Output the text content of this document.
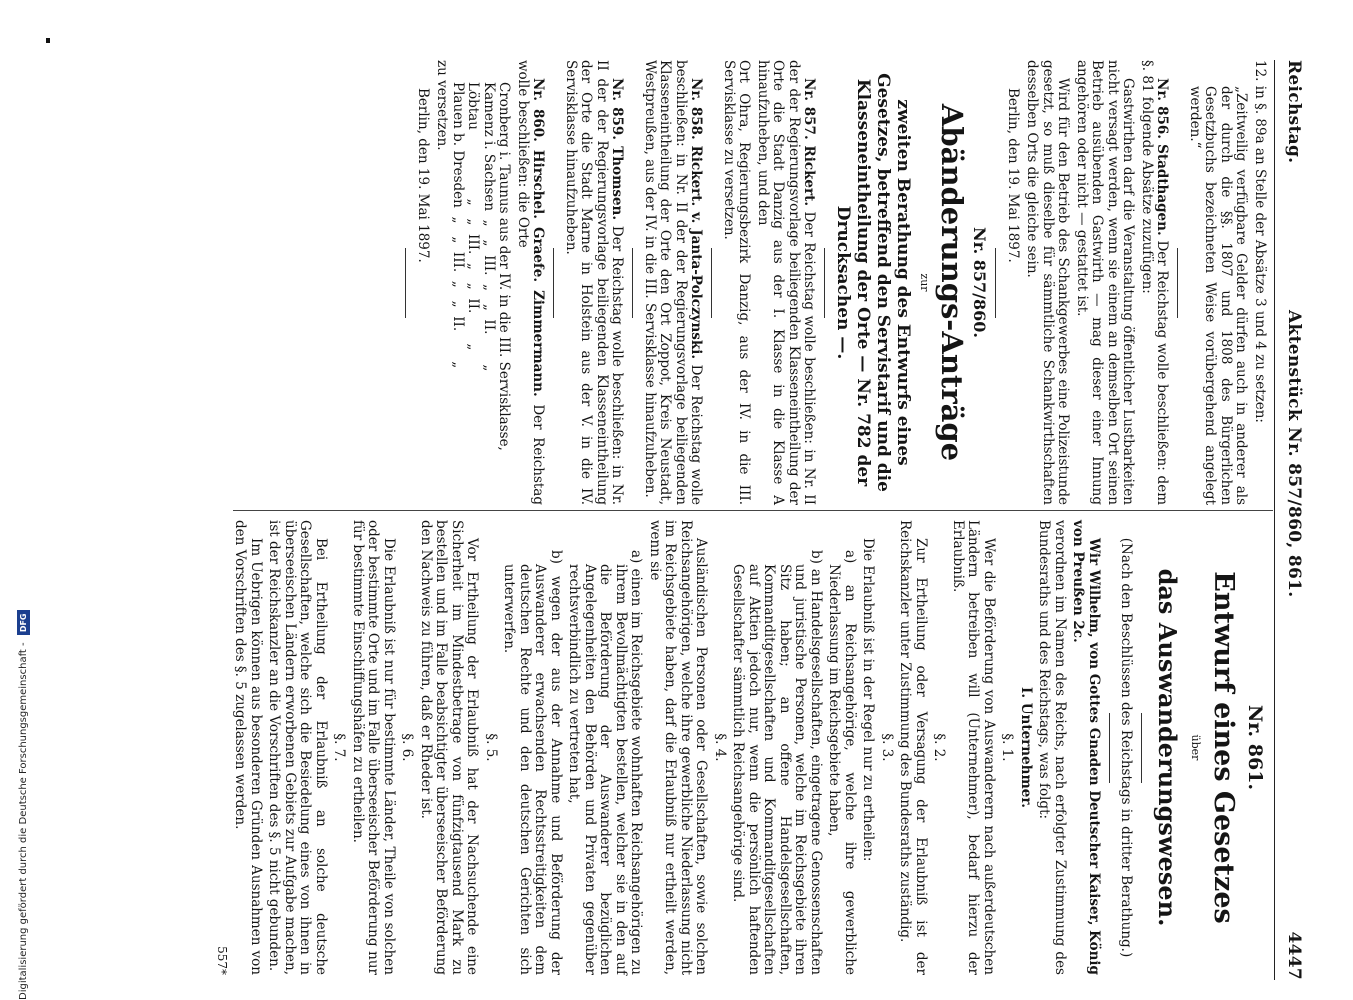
Digitalisierung gefördert durch die Deutsche Forschungsgemeinschaft - DFG
Reichstag.
Aktenstück Nr. 857/860, 861.
4447

12. in §. 89a an Stelle der Absätze 3 und 4 zu setzen:

„Zeitweilig verfügbare Gelder dürfen auch in anderer als der durch die §§. 1807 und 1808 des Bürgerlichen Gesetzbuchs bezeichneten Weise vorübergehend angelegt werden.“

Nr. 856. Stadthagen. Der Reichstag wolle beschließen: dem §. 81 folgende Absätze zuzufügen:

Gastwirthen darf die Veranstaltung öffentlicher Lustbarkeiten nicht versagt werden, wenn sie einem an demselben Ort seinen Betrieb ausübenden Gastwirth — mag dieser einer Innung angehören oder nicht — gestattet ist.

Wird für den Betrieb des Schankgewerbes eine Polizeistunde gesetzt, so muß dieselbe für sämmtliche Schankwirthschaften desselben Orts die gleiche sein.

Berlin, den 19. Mai 1897.

Nr. 857/860.

Abänderungs-Anträge

zur

zweiten Berathung des Entwurfs eines Gesetzes, betreffend den Servistarif und die Klasseneintheilung der Orte — Nr. 782 der Drucksachen —.

Nr. 857. Rickert. Der Reichstag wolle beschließen: in Nr. II der der Regierungsvorlage beiliegenden Klasseneintheilung der Orte die Stadt Danzig aus der I. Klasse in die Klasse A hinaufzuheben, und den

Ort Ohra, Regierungsbezirk Danzig, aus der IV. in die III. Servisklasse zu versetzen.

Nr. 858. Rickert. v. Janta-Polczynski. Der Reichstag wolle beschließen: in Nr. II der der Regierungsvorlage beiliegenden Klasseneintheilung der Orte den Ort Zoppot, Kreis Neustadt, Westpreußen, aus der IV. in die III. Servisklasse hinaufzuheben.

Nr. 859. Thomsen. Der Reichstag wolle beschließen: in Nr. II der der Regierungsvorlage beiliegenden Klasseneintheilung der Orte die Stadt Marne in Holstein aus der V. in die IV. Servisklasse hinaufzuheben.

Nr. 860. Hirschel. Graefe. Zimmermann. Der Reichstag wolle beschließen: die Orte

Cronberg i. Taunus aus der IV. in die III. Servisklasse,
Kamenz i. Sachsen  „   „  III.  „   „  II.       „
Löbtau                „   „  III.  „   „  II.       „
Plauen b. Dresden  „   „  III.  „   „  II.       „

zu versetzen.

Berlin, den 19. Mai 1897.

Nr. 861.

Entwurf eines Gesetzes

über

das Auswanderungswesen.

(Nach den Beschlüssen des Reichstags in dritter Berathung.)

Wir Wilhelm, von Gottes Gnaden Deutscher Kaiser, König von Preußen 2c.

verordnen im Namen des Reichs, nach erfolgter Zustimmung des Bundesraths und des Reichstags, was folgt:

I. Unternehmer.

§. 1.

Wer die Beförderung von Auswanderern nach außerdeutschen Ländern betreiben will (Unternehmer), bedarf hierzu der Erlaubniß.

§. 2.

Zur Ertheilung oder Versagung der Erlaubniß ist der Reichskanzler unter Zustimmung des Bundesraths zuständig.

§. 3.

Die Erlaubniß ist in der Regel nur zu ertheilen:

a) an Reichsangehörige, welche ihre gewerbliche Niederlassung im Reichsgebiete haben,

b) an Handelsgesellschaften, eingetragene Genossenschaften und juristische Personen, welche im Reichsgebiete ihren Sitz haben; an offene Handelsgesellschaften, Kommanditgesellschaften und Kommanditgesellschaften auf Aktien jedoch nur, wenn die persönlich haftenden Gesellschafter sämmtlich Reichsangehörige sind.

§. 4.

Ausländischen Personen oder Gesellschaften, sowie solchen Reichsangehörigen, welche ihre gewerbliche Niederlassung nicht im Reichsgebiete haben, darf die Erlaubniß nur ertheilt werden, wenn sie

a) einen im Reichsgebiete wohnhaften Reichsangehörigen zu ihrem Bevollmächtigten bestellen, welcher sie in den auf die Beförderung der Auswanderer bezüglichen Angelegenheiten den Behörden und Privaten gegenüber rechtsverbindlich zu vertreten hat,

b) wegen der aus der Annahme und Beförderung der Auswanderer erwachsenden Rechtsstreitigkeiten dem deutschen Rechte und den deutschen Gerichten sich unterwerfen.

§. 5.

Vor Ertheilung der Erlaubniß hat der Nachsuchende eine Sicherheit im Mindestbetrage von fünfzigtausend Mark zu bestellen und im Falle beabsichtigter überseeischer Beförderung den Nachweis zu führen, daß er Rheder ist.

§. 6.

Die Erlaubniß ist nur für bestimmte Länder, Theile von solchen oder bestimmte Orte und im Falle überseeischer Beförderung nur für bestimmte Einschiffungshäfen zu ertheilen.

§. 7.

Bei Ertheilung der Erlaubniß an solche deutsche Gesellschaften, welche sich die Besiedelung eines von ihnen in überseeischen Ländern erworbenen Gebiets zur Aufgabe machen, ist der Reichskanzler an die Vorschriften des §. 5 nicht gebunden.

Im Uebrigen können aus besonderen Gründen Ausnahmen von den Vorschriften des §. 5 zugelassen werden.

557*
